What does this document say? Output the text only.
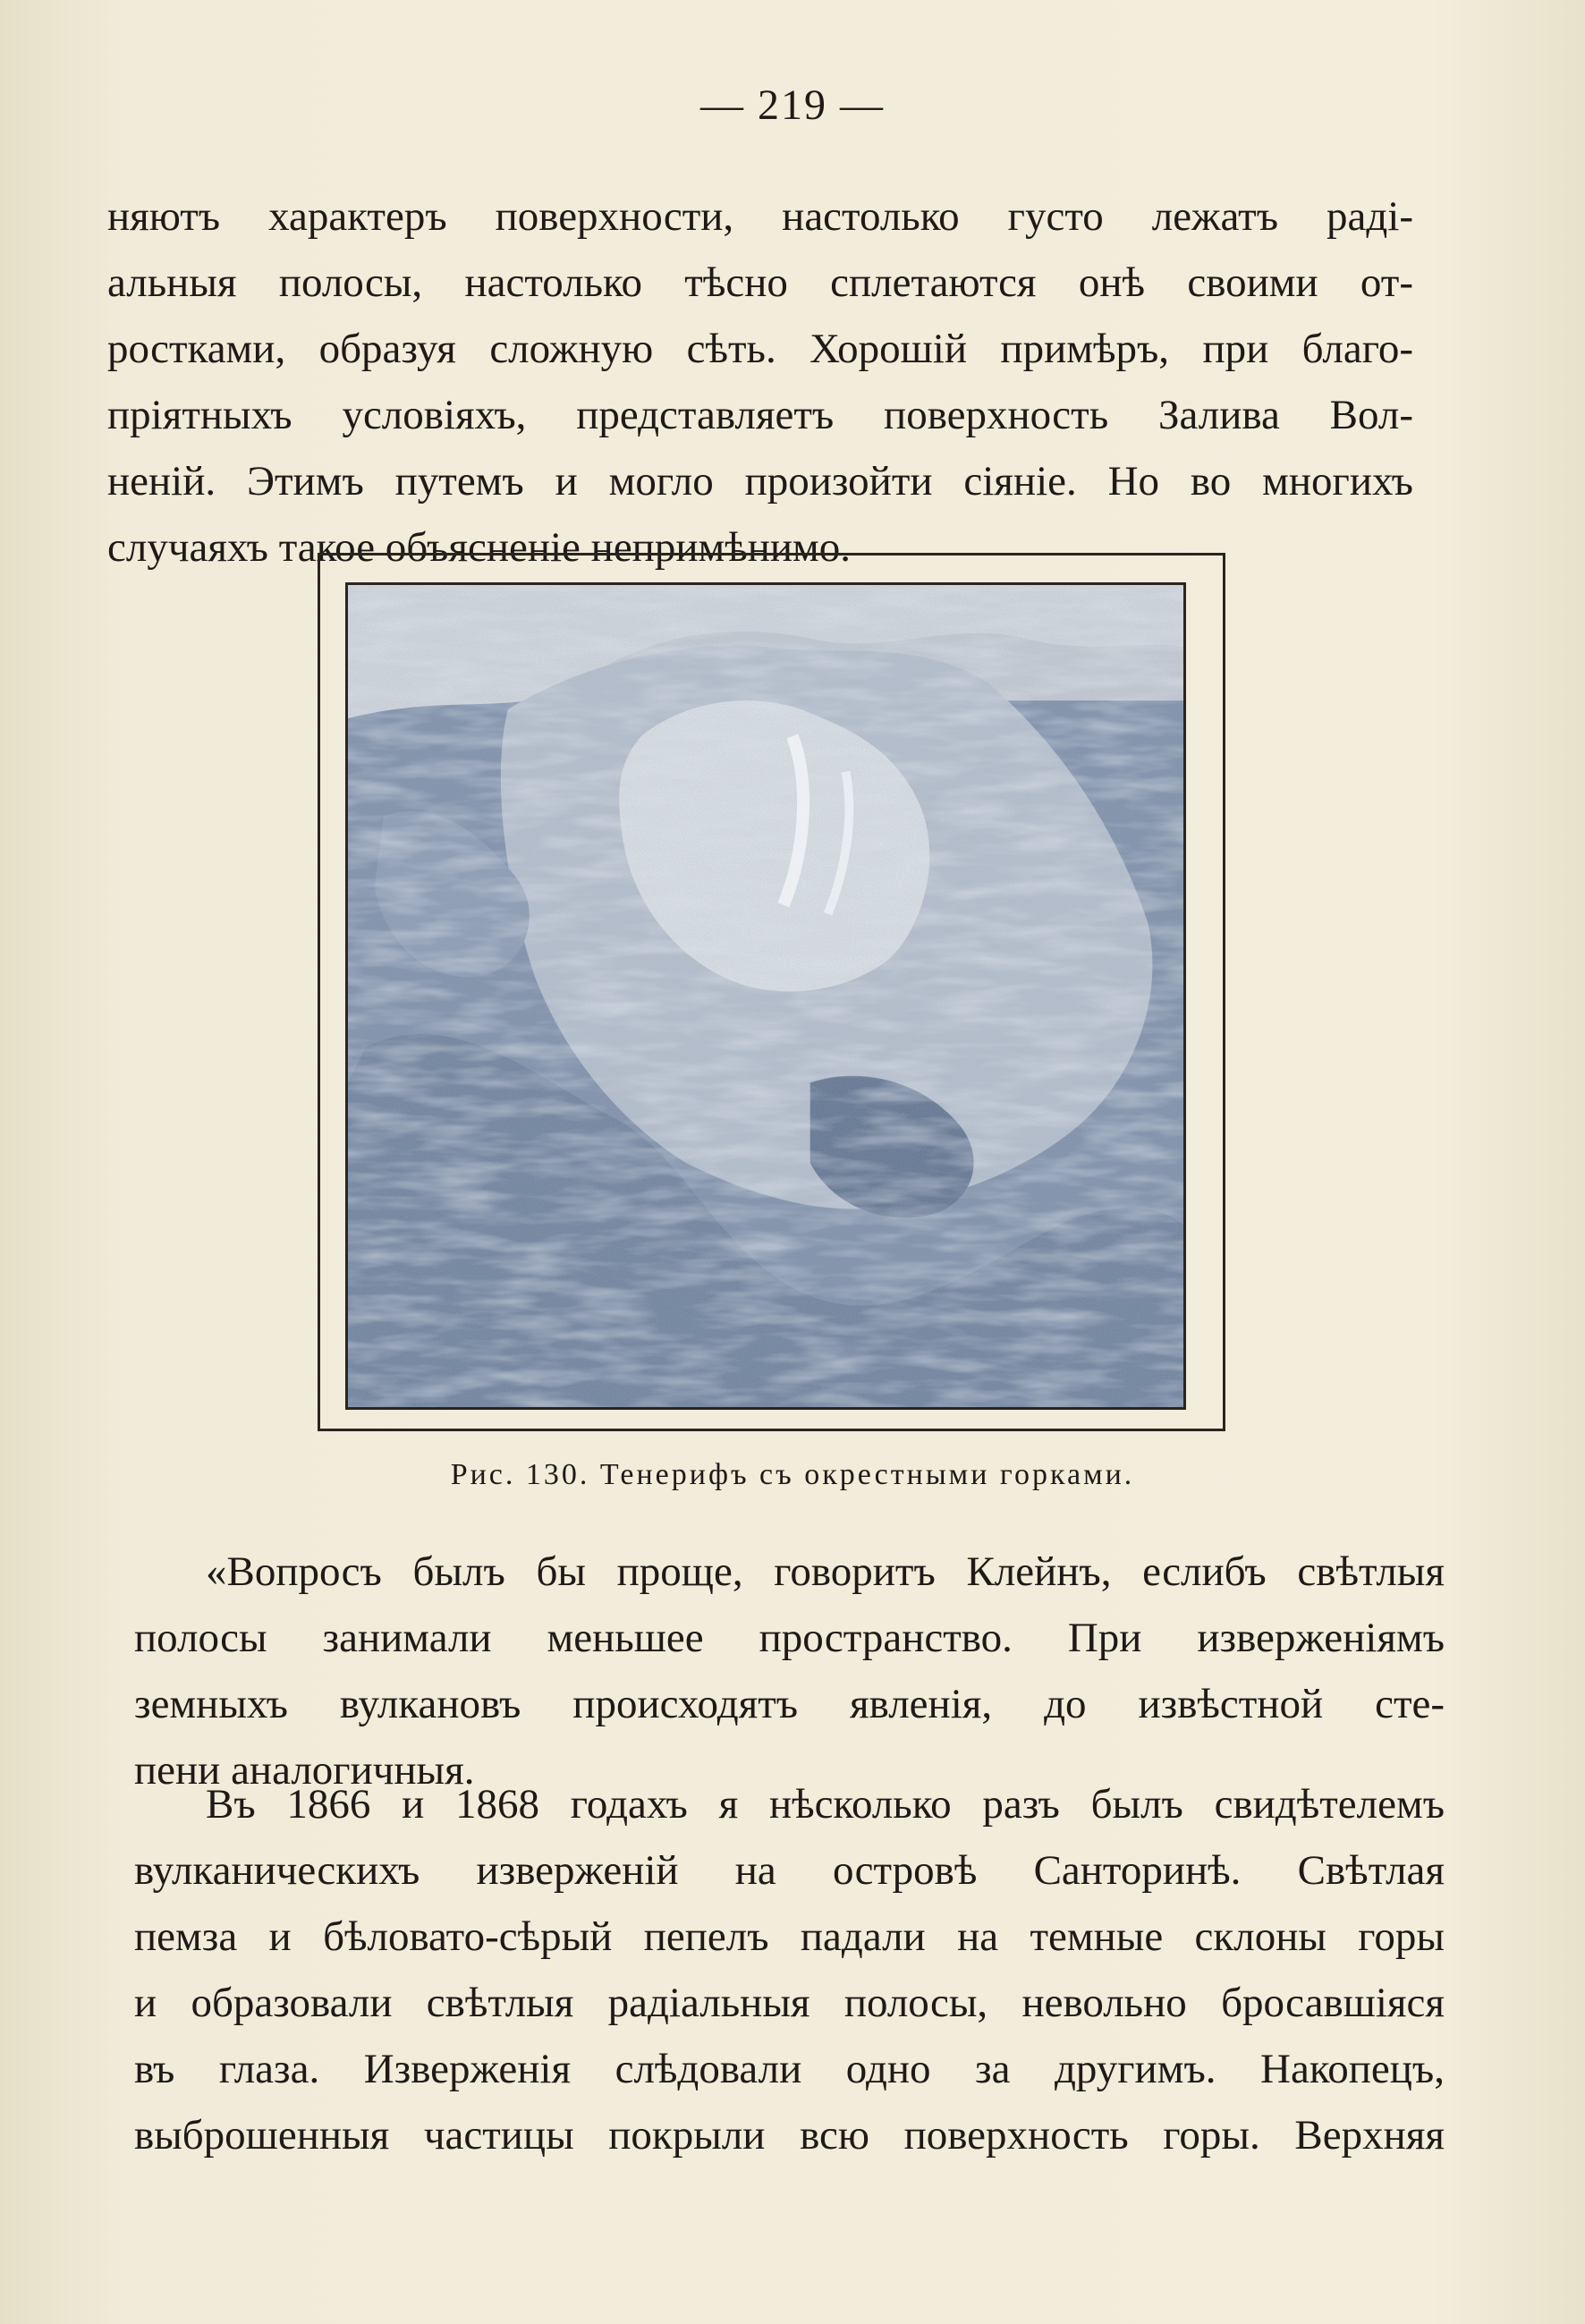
— 219 —

няютъ характеръ поверхности, настолько густо лежатъ раді-
альныя полосы, настолько тѣсно сплетаются онѣ своими от-
ростками, образуя сложную сѣть. Хорошій примѣръ, при благо-
пріятныхъ условіяхъ, представляетъ поверхность Залива Вол-
неній. Этимъ путемъ и могло произойти сіяніе. Но во многихъ
случаяхъ такое объясненіе непримѣнимо.

Рис. 130. Тенерифъ съ окрестными горками.

«Вопросъ былъ бы проще, говоритъ Клейнъ, еслибъ свѣтлыя
полосы занимали меньшее пространство. При изверженіямъ
земныхъ вулкановъ происходятъ явленія, до извѣстной сте-
пени аналогичныя.

Въ 1866 и 1868 годахъ я нѣсколько разъ былъ свидѣтелемъ
вулканическихъ изверженій на островѣ Санторинѣ. Свѣтлая
пемза и бѣловато-сѣрый пепелъ падали на темные склоны горы
и образовали свѣтлыя радіальныя полосы, невольно бросавшіяся
въ глаза. Изверженія слѣдовали одно за другимъ. Накопецъ,
выброшенныя частицы покрыли всю поверхность горы. Верхняя
